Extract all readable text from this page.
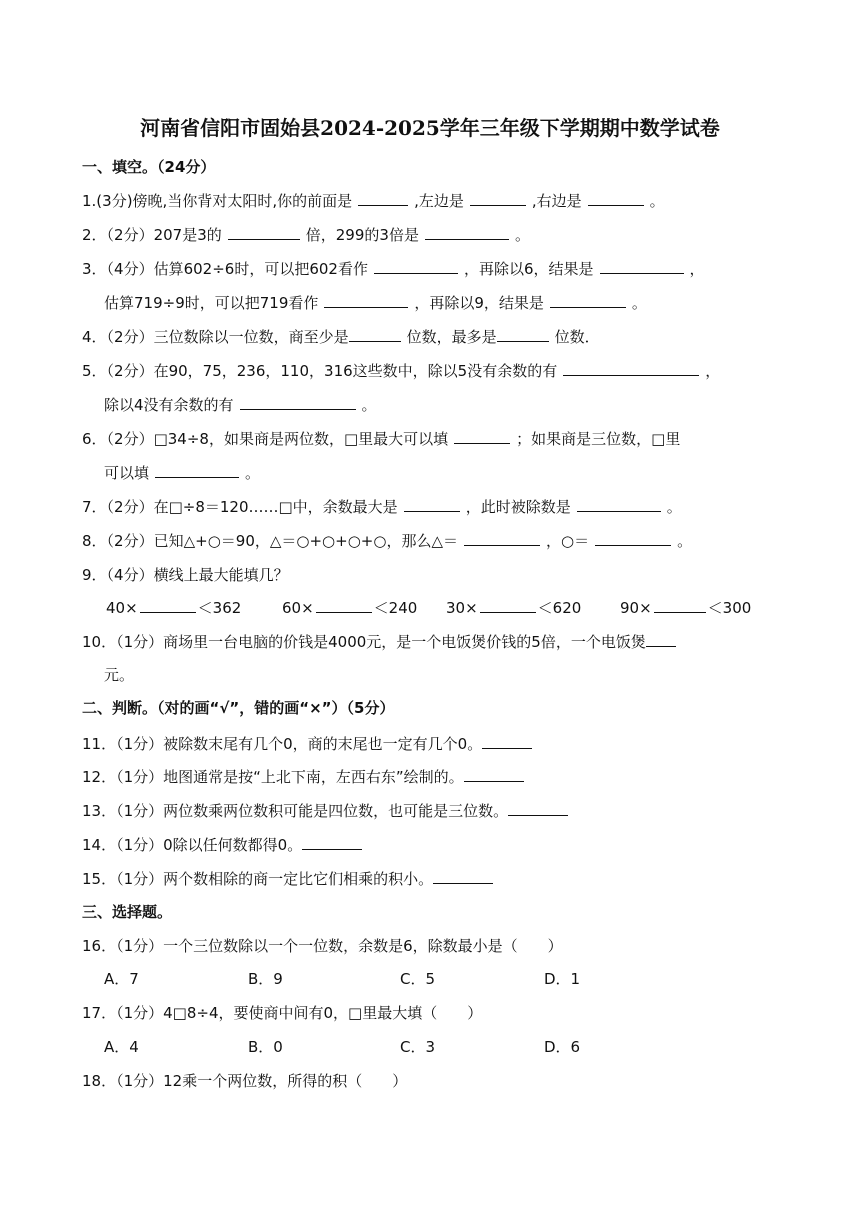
河南省信阳市固始县2024-2025学年三年级下学期期中数学试卷
一、填空。（24分）
1.(3分)傍晚,当你背对太阳时,你的前面是	,左边是	,右边是	。
2．（2分）207是3的	倍，299的3倍是	。
3．（4分）估算602÷6时，可以把602看作	，再除以6，结果是	，
估算719÷9时，可以把719看作	，再除以9，结果是	。
4．（2分）三位数除以一位数，商至少是	位数，最多是	位数．
5．（2分）在90，75，236，110，316这些数中，除以5没有余数的有	，
除以4没有余数的有	。
6．（2分）□34÷8，如果商是两位数，□里最大可以填	；如果商是三位数，□里
可以填	。
7．（2分）在□÷8＝120……□中，余数最大是	，此时被除数是	。
8．（2分）已知△+○＝90，△＝○+○+○+○，那么△＝	，○＝	。
9．（4分）横线上最大能填几？
40×	＜362	60×	＜240 30×	＜620	90×	＜300
10．（1分）商场里一台电脑的价钱是4000元，是一个电饭煲价钱的5倍，一个电饭煲
元。
二、判断。（对的画“√”，错的画“×”）（5分）
11．（1分）被除数末尾有几个0，商的末尾也一定有几个0。
12．（1分）地图通常是按“上北下南，左西右东”绘制的。
13．（1分）两位数乘两位数积可能是四位数，也可能是三位数。
14．（1分）0除以任何数都得0。
15．（1分）两个数相除的商一定比它们相乘的积小。
三、选择题。
16．（1分）一个三位数除以一个一位数，余数是6，除数最小是（　　）
A．7	B．9	C．5	D．1
17．（1分）4□8÷4，要使商中间有0，□里最大填（　　）
A．4	B．0	C．3	D．6
18．（1分）12乘一个两位数，所得的积（　　）
